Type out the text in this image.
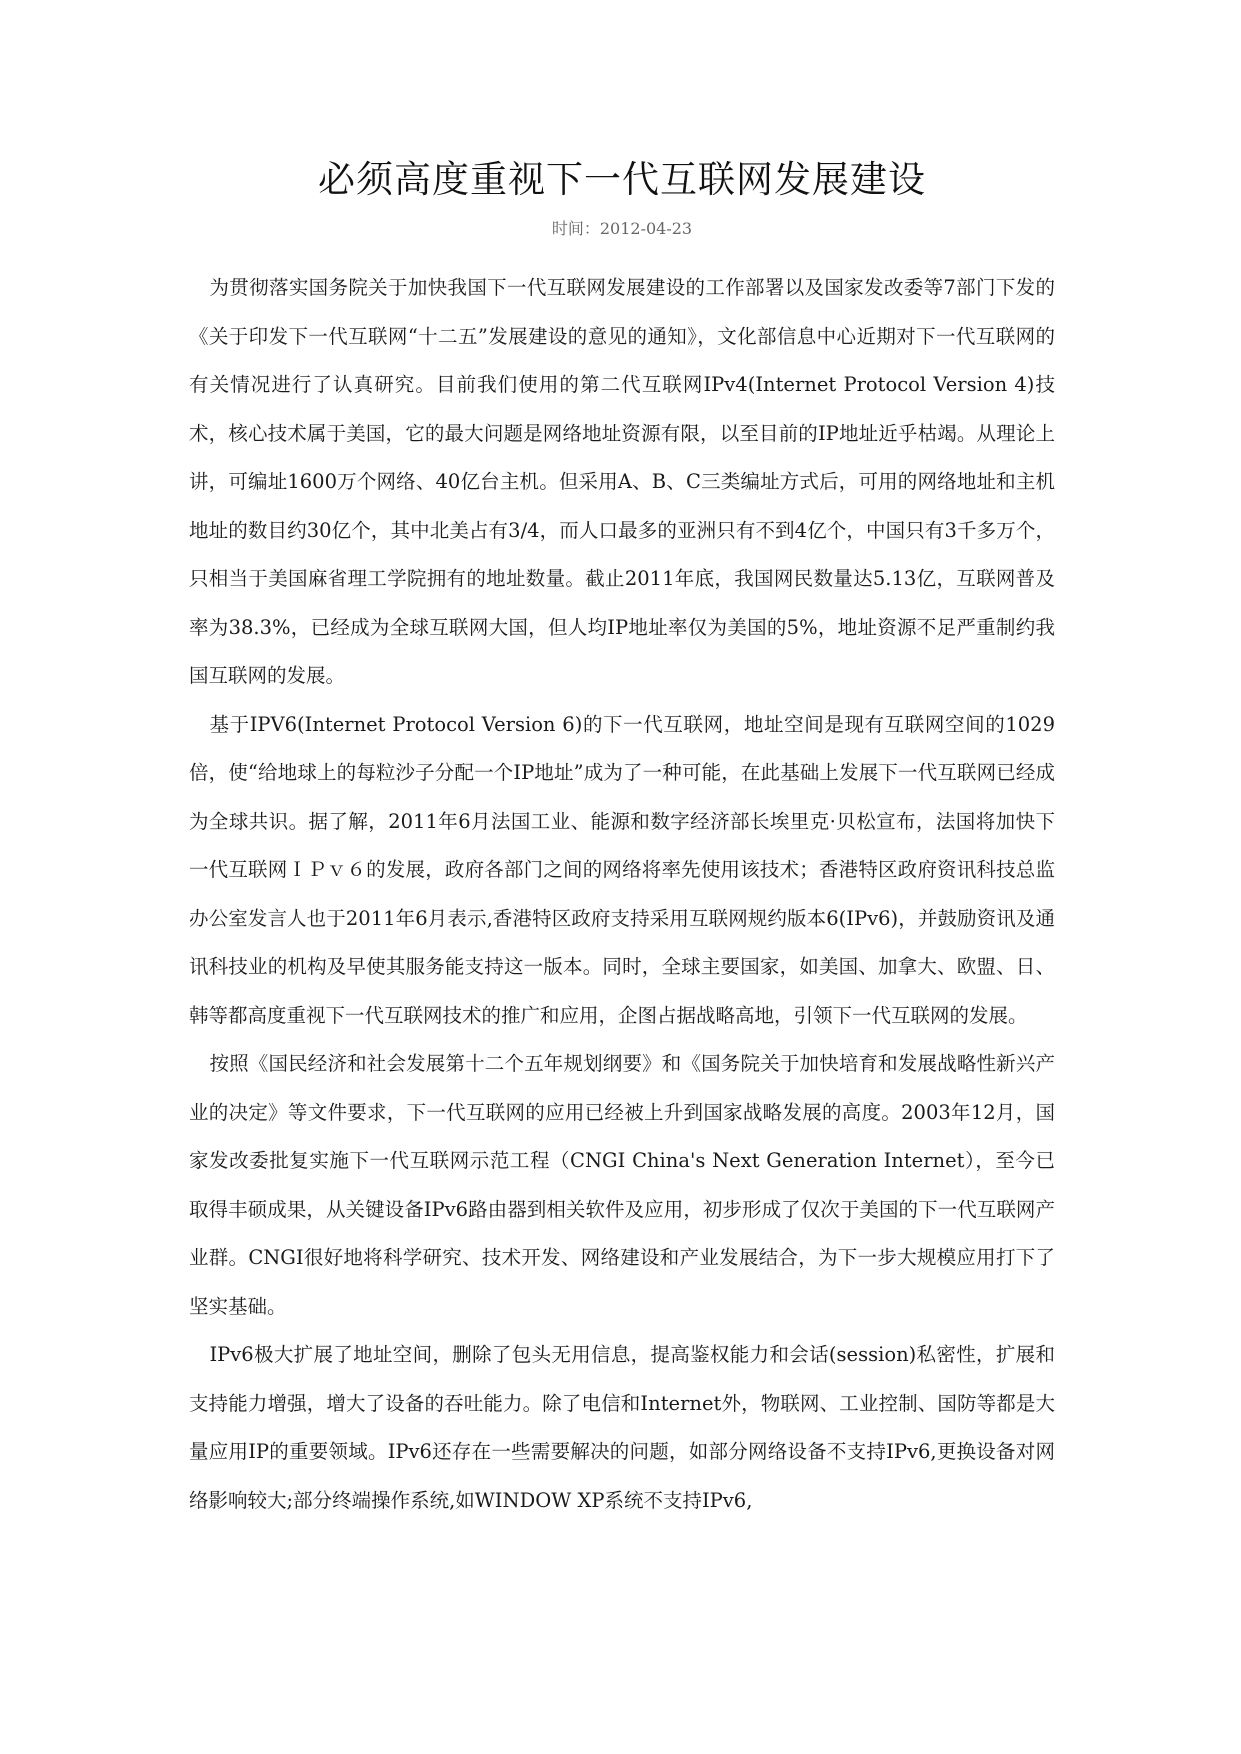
必须高度重视下一代互联网发展建设
时间：2012-04-23

为贯彻落实国务院关于加快我国下一代互联网发展建设的工作部署以及国家发改委等7部门下发的《关于印发下一代互联网“十二五”发展建设的意见的通知》，文化部信息中心近期对下一代互联网的有关情况进行了认真研究。目前我们使用的第二代互联网IPv4(Internet Protocol Version 4)技术，核心技术属于美国，它的最大问题是网络地址资源有限，以至目前的IP地址近乎枯竭。从理论上讲，可编址1600万个网络、40亿台主机。但采用A、B、C三类编址方式后，可用的网络地址和主机地址的数目约30亿个，其中北美占有3/4，而人口最多的亚洲只有不到4亿个，中国只有3千多万个，只相当于美国麻省理工学院拥有的地址数量。截止2011年底，我国网民数量达5.13亿，互联网普及率为38.3%，已经成为全球互联网大国，但人均IP地址率仅为美国的5%，地址资源不足严重制约我国互联网的发展。

基于IPV6(Internet Protocol Version 6)的下一代互联网，地址空间是现有互联网空间的1029倍，使“给地球上的每粒沙子分配一个IP地址”成为了一种可能，在此基础上发展下一代互联网已经成为全球共识。据了解，2011年6月法国工业、能源和数字经济部长埃里克·贝松宣布，法国将加快下一代互联网ＩＰｖ６的发展，政府各部门之间的网络将率先使用该技术；香港特区政府资讯科技总监办公室发言人也于2011年6月表示,香港特区政府支持采用互联网规约版本6(IPv6)，并鼓励资讯及通讯科技业的机构及早使其服务能支持这一版本。同时，全球主要国家，如美国、加拿大、欧盟、日、韩等都高度重视下一代互联网技术的推广和应用，企图占据战略高地，引领下一代互联网的发展。

按照《国民经济和社会发展第十二个五年规划纲要》和《国务院关于加快培育和发展战略性新兴产业的决定》等文件要求，下一代互联网的应用已经被上升到国家战略发展的高度。2003年12月，国家发改委批复实施下一代互联网示范工程（CNGI China's Next Generation Internet），至今已取得丰硕成果，从关键设备IPv6路由器到相关软件及应用，初步形成了仅次于美国的下一代互联网产业群。CNGI很好地将科学研究、技术开发、网络建设和产业发展结合，为下一步大规模应用打下了坚实基础。

IPv6极大扩展了地址空间，删除了包头无用信息，提高鉴权能力和会话(session)私密性，扩展和支持能力增强，增大了设备的吞吐能力。除了电信和Internet外，物联网、工业控制、国防等都是大量应用IP的重要领域。IPv6还存在一些需要解决的问题，如部分网络设备不支持IPv6,更换设备对网络影响较大;部分终端操作系统,如WINDOW XP系统不支持IPv6,
